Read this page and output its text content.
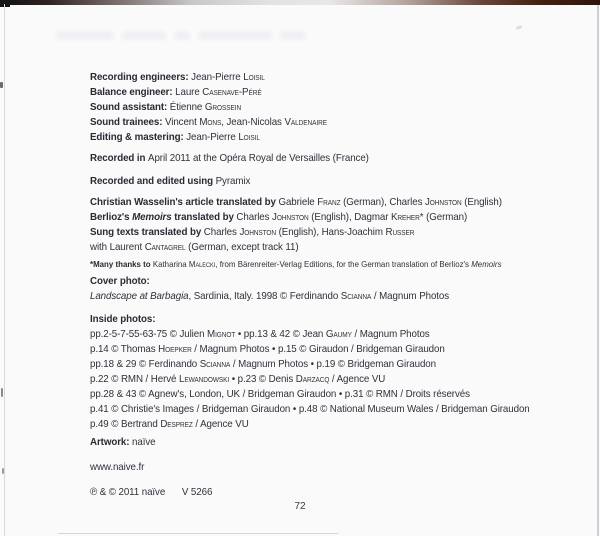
Recording engineers: Jean-Pierre Loisil
Balance engineer: Laure Casenave-Péré
Sound assistant: Étienne Grossein
Sound trainees: Vincent Mons, Jean-Nicolas Valdenaire
Editing & mastering: Jean-Pierre Loisil
Recorded in April 2011 at the Opéra Royal de Versailles (France)
Recorded and edited using Pyramix
Christian Wasselin's article translated by Gabriele Franz (German), Charles Johnston (English)
Berlioz's Memoirs translated by Charles Johnston (English), Dagmar Kreher* (German)
Sung texts translated by Charles Johnston (English), Hans-Joachim Russer
with Laurent Cantagrel (German, except track 11)
*Many thanks to Katharina Malecki, from Bärenreiter-Verlag Editions, for the German translation of Berlioz's Memoirs
Cover photo:
Landscape at Barbagia, Sardinia, Italy. 1998 © Ferdinando Scianna / Magnum Photos
Inside photos:
pp.2-5-7-55-63-75 © Julien Mignot • pp.13 & 42 © Jean Gaumy / Magnum Photos
p.14 © Thomas Hoepker / Magnum Photos • p.15 © Giraudon / Bridgeman Giraudon
pp.18 & 29 © Ferdinando Scianna / Magnum Photos • p.19 © Bridgeman Giraudon
p.22 © RMN / Hervé Lewandowski • p.23 © Denis Darzacq / Agence VU
pp.28 & 43 © Agnew's, London, UK / Bridgeman Giraudon • p.31 © RMN / Droits réservés
p.41 © Christie's Images / Bridgeman Giraudon • p.48 © National Museum Wales / Bridgeman Giraudon
p.49 © Bertrand Desprez / Agence VU
Artwork: naïve
www.naive.fr
℗ & © 2011 naïve V 5266
72
